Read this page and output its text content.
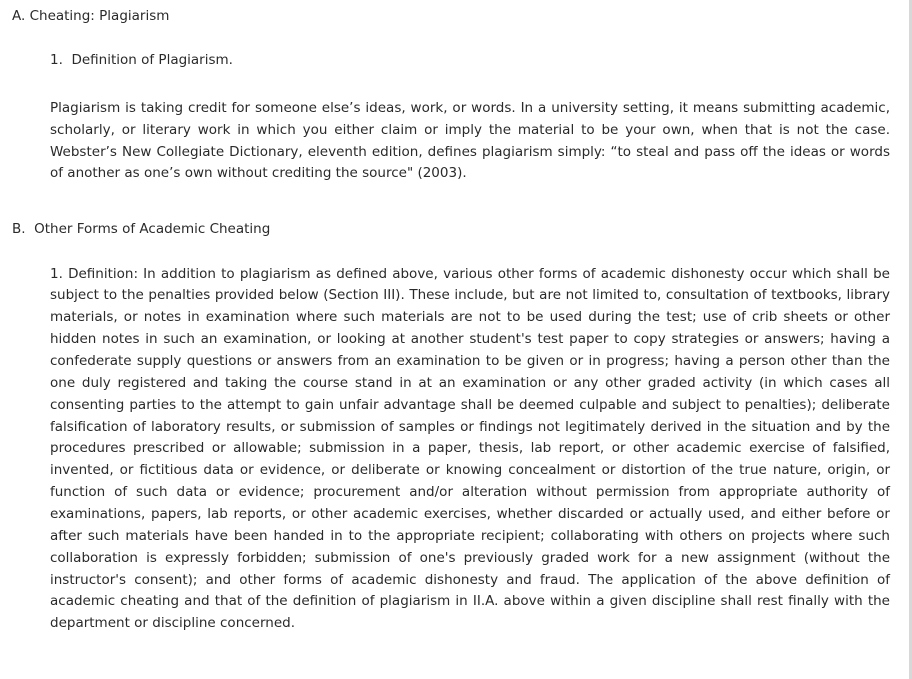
A. Cheating: Plagiarism
1.  Definition of Plagiarism.
Plagiarism is taking credit for someone else’s ideas, work, or words. In a university setting, it means submitting academic, scholarly, or literary work in which you either claim or imply the material to be your own, when that is not the case. Webster’s New Collegiate Dictionary, eleventh edition, defines plagiarism simply: “to steal and pass off the ideas or words of another as one’s own without crediting the source" (2003).
B.  Other Forms of Academic Cheating
1. Definition: In addition to plagiarism as defined above, various other forms of academic dishonesty occur which shall be subject to the penalties provided below (Section III). These include, but are not limited to, consultation of textbooks, library materials, or notes in examination where such materials are not to be used during the test; use of crib sheets or other hidden notes in such an examination, or looking at another student's test paper to copy strategies or answers; having a confederate supply questions or answers from an examination to be given or in progress; having a person other than the one duly registered and taking the course stand in at an examination or any other graded activity (in which cases all consenting parties to the attempt to gain unfair advantage shall be deemed culpable and subject to penalties); deliberate falsification of laboratory results, or submission of samples or findings not legitimately derived in the situation and by the procedures prescribed or allowable; submission in a paper, thesis, lab report, or other academic exercise of falsified, invented, or fictitious data or evidence, or deliberate or knowing concealment or distortion of the true nature, origin, or function of such data or evidence; procurement and/or alteration without permission from appropriate authority of examinations, papers, lab reports, or other academic exercises, whether discarded or actually used, and either before or after such materials have been handed in to the appropriate recipient; collaborating with others on projects where such collaboration is expressly forbidden; submission of one's previously graded work for a new assignment (without the instructor's consent); and other forms of academic dishonesty and fraud. The application of the above definition of academic cheating and that of the definition of plagiarism in II.A. above within a given discipline shall rest finally with the department or discipline concerned.
